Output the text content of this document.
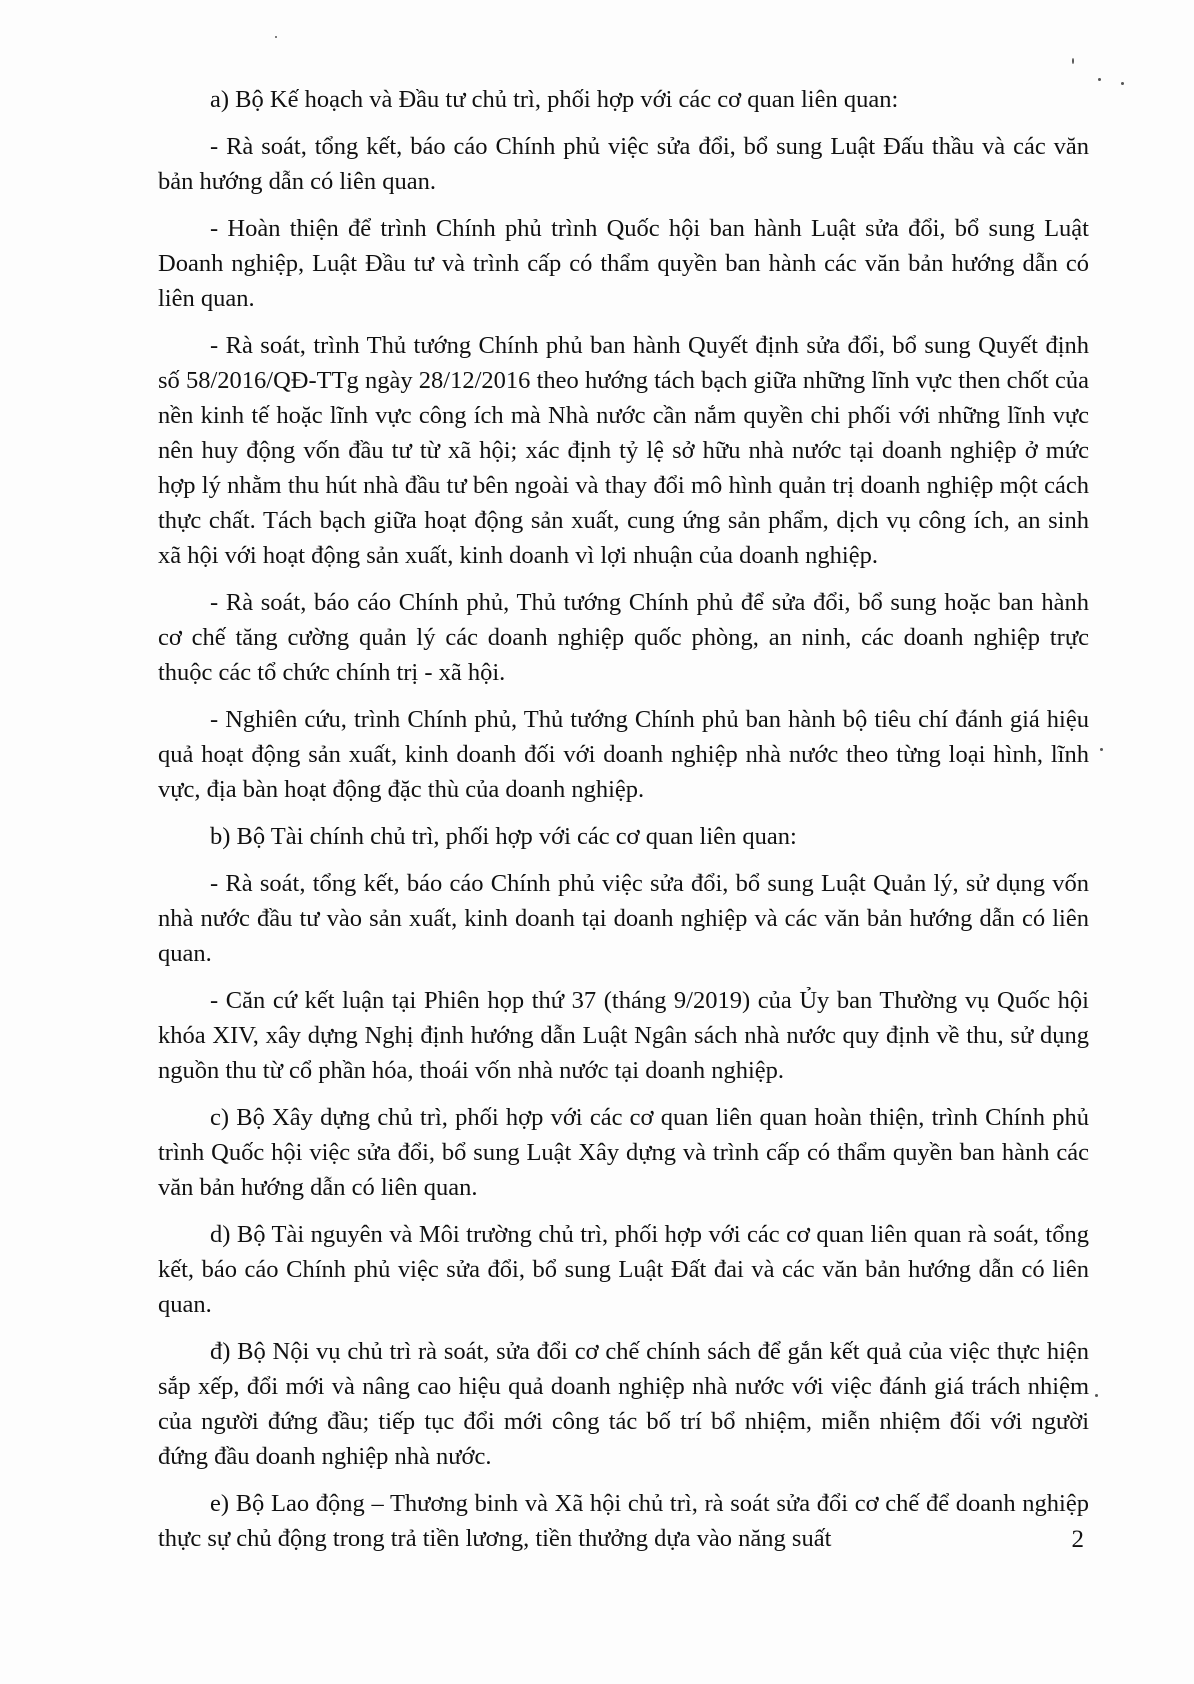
a) Bộ Kế hoạch và Đầu tư chủ trì, phối hợp với các cơ quan liên quan:

- Rà soát, tổng kết, báo cáo Chính phủ việc sửa đổi, bổ sung Luật Đấu thầu và các văn bản hướng dẫn có liên quan.

- Hoàn thiện để trình Chính phủ trình Quốc hội ban hành Luật sửa đổi, bổ sung Luật Doanh nghiệp, Luật Đầu tư và trình cấp có thẩm quyền ban hành các văn bản hướng dẫn có liên quan.

- Rà soát, trình Thủ tướng Chính phủ ban hành Quyết định sửa đổi, bổ sung Quyết định số 58/2016/QĐ-TTg ngày 28/12/2016 theo hướng tách bạch giữa những lĩnh vực then chốt của nền kinh tế hoặc lĩnh vực công ích mà Nhà nước cần nắm quyền chi phối với những lĩnh vực nên huy động vốn đầu tư từ xã hội; xác định tỷ lệ sở hữu nhà nước tại doanh nghiệp ở mức hợp lý nhằm thu hút nhà đầu tư bên ngoài và thay đổi mô hình quản trị doanh nghiệp một cách thực chất. Tách bạch giữa hoạt động sản xuất, cung ứng sản phẩm, dịch vụ công ích, an sinh xã hội với hoạt động sản xuất, kinh doanh vì lợi nhuận của doanh nghiệp.

- Rà soát, báo cáo Chính phủ, Thủ tướng Chính phủ để sửa đổi, bổ sung hoặc ban hành cơ chế tăng cường quản lý các doanh nghiệp quốc phòng, an ninh, các doanh nghiệp trực thuộc các tổ chức chính trị - xã hội.

- Nghiên cứu, trình Chính phủ, Thủ tướng Chính phủ ban hành bộ tiêu chí đánh giá hiệu quả hoạt động sản xuất, kinh doanh đối với doanh nghiệp nhà nước theo từng loại hình, lĩnh vực, địa bàn hoạt động đặc thù của doanh nghiệp.

b) Bộ Tài chính chủ trì, phối hợp với các cơ quan liên quan:

- Rà soát, tổng kết, báo cáo Chính phủ việc sửa đổi, bổ sung Luật Quản lý, sử dụng vốn nhà nước đầu tư vào sản xuất, kinh doanh tại doanh nghiệp và các văn bản hướng dẫn có liên quan.

- Căn cứ kết luận tại Phiên họp thứ 37 (tháng 9/2019) của Ủy ban Thường vụ Quốc hội khóa XIV, xây dựng Nghị định hướng dẫn Luật Ngân sách nhà nước quy định về thu, sử dụng nguồn thu từ cổ phần hóa, thoái vốn nhà nước tại doanh nghiệp.

c) Bộ Xây dựng chủ trì, phối hợp với các cơ quan liên quan hoàn thiện, trình Chính phủ trình Quốc hội việc sửa đổi, bổ sung Luật Xây dựng và trình cấp có thẩm quyền ban hành các văn bản hướng dẫn có liên quan.

d) Bộ Tài nguyên và Môi trường chủ trì, phối hợp với các cơ quan liên quan rà soát, tổng kết, báo cáo Chính phủ việc sửa đổi, bổ sung Luật Đất đai và các văn bản hướng dẫn có liên quan.

đ) Bộ Nội vụ chủ trì rà soát, sửa đổi cơ chế chính sách để gắn kết quả của việc thực hiện sắp xếp, đổi mới và nâng cao hiệu quả doanh nghiệp nhà nước với việc đánh giá trách nhiệm của người đứng đầu; tiếp tục đổi mới công tác bố trí bổ nhiệm, miễn nhiệm đối với người đứng đầu doanh nghiệp nhà nước.

e) Bộ Lao động – Thương binh và Xã hội chủ trì, rà soát sửa đổi cơ chế để doanh nghiệp thực sự chủ động trong trả tiền lương, tiền thưởng dựa vào năng suất	2
